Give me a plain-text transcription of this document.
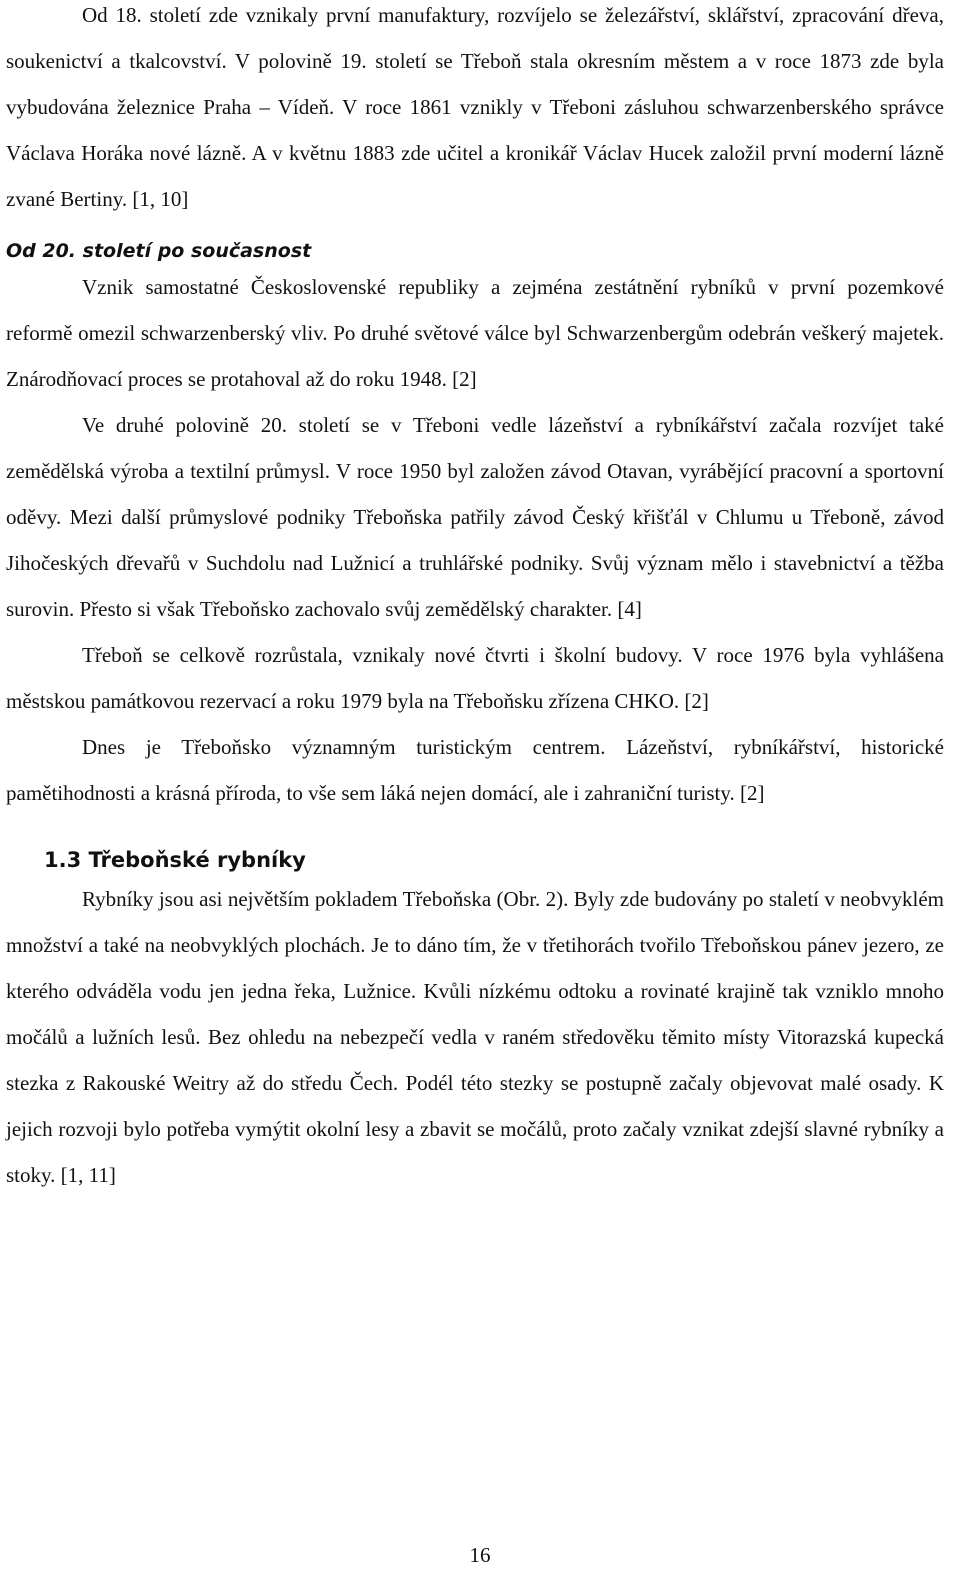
Od 18. století zde vznikaly první manufaktury, rozvíjelo se železářství, sklářství, zpracování dřeva, soukenictví a tkalcovství. V polovině 19. století se Třeboň stala okresním městem a v roce 1873 zde byla vybudována železnice Praha – Vídeň. V roce 1861 vznikly v Třeboni zásluhou schwarzenberského správce Václava Horáka nové lázně. A v květnu 1883 zde učitel a kronikář Václav Hucek založil první moderní lázně zvané Bertiny. [1, 10]

Od 20. století po současnost

Vznik samostatné Československé republiky a zejména zestátnění rybníků v první pozemkové reformě omezil schwarzenberský vliv. Po druhé světové válce byl Schwarzenbergům odebrán veškerý majetek. Znárodňovací proces se protahoval až do roku 1948. [2]

Ve druhé polovině 20. století se v Třeboni vedle lázeňství a rybníkářství začala rozvíjet také zemědělská výroba a textilní průmysl. V roce 1950 byl založen závod Otavan, vyrábějící pracovní a sportovní oděvy. Mezi další průmyslové podniky Třeboňska patřily závod Český křišťál v Chlumu u Třeboně, závod Jihočeských dřevařů v Suchdolu nad Lužnicí a truhlářské podniky. Svůj význam mělo i stavebnictví a těžba surovin. Přesto si však Třeboňsko zachovalo svůj zemědělský charakter. [4]

Třeboň se celkově rozrůstala, vznikaly nové čtvrti i školní budovy. V roce 1976 byla vyhlášena městskou památkovou rezervací a roku 1979 byla na Třeboňsku zřízena CHKO. [2]

Dnes je Třeboňsko významným turistickým centrem. Lázeňství, rybníkářství, historické pamětihodnosti a krásná příroda, to vše sem láká nejen domácí, ale i zahraniční turisty. [2]

1.3 Třeboňské rybníky

Rybníky jsou asi největším pokladem Třeboňska (Obr. 2). Byly zde budovány po staletí v neobvyklém množství a také na neobvyklých plochách. Je to dáno tím, že v třetihorách tvořilo Třeboňskou pánev jezero, ze kterého odváděla vodu jen jedna řeka, Lužnice. Kvůli nízkému odtoku a rovinaté krajině tak vzniklo mnoho močálů a lužních lesů. Bez ohledu na nebezpečí vedla v raném středověku těmito místy Vitorazská kupecká stezka z Rakouské Weitry až do středu Čech. Podél této stezky se postupně začaly objevovat malé osady. K jejich rozvoji bylo potřeba vymýtit okolní lesy a zbavit se močálů, proto začaly vznikat zdejší slavné rybníky a stoky. [1, 11]

16
